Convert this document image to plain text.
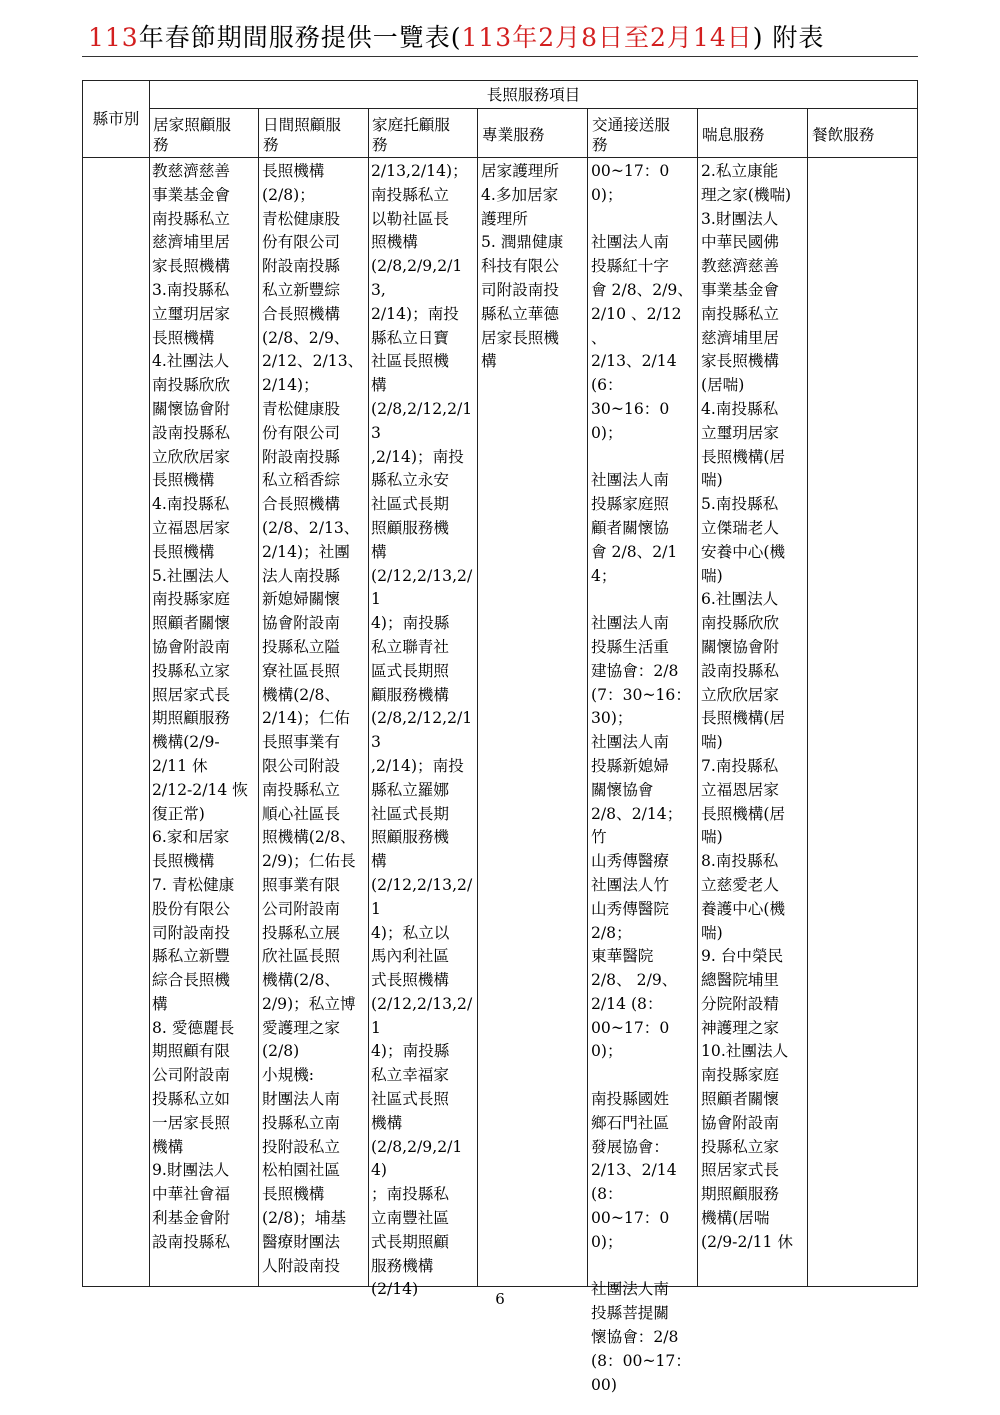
113年春節期間服務提供一覽表(113年2月8日至2月14日) 附表
長照服務項目
縣市別 居家照顧服
務
日間照顧服
務
家庭托顧服
務
專業服務
交通接送服
務
喘息服務	餐飲服務
教慈濟慈善
事業基金會
南投縣私立
慈濟埔里居
家長照機構
3.南投縣私
立璽玥居家
長照機構
4.社團法人
南投縣欣欣
關懷協會附
設南投縣私
立欣欣居家
長照機構
4.南投縣私
立福恩居家
長照機構
5.社團法人
南投縣家庭
照顧者關懷
協會附設南
投縣私立家
照居家式長
期照顧服務
機構(2/9-
2/11 休
2/12-2/14 恢
復正常)
6.家和居家
長照機構
7. 青松健康
股份有限公
司附設南投
縣私立新豐
綜合長照機
構
8. 愛德麗長
期照顧有限
公司附設南
投縣私立如
一居家長照
機構
9.財團法人
中華社會福
利基金會附
設南投縣私
長照機構
(2/8)；
青松健康股
份有限公司
附設南投縣
私立新豐綜
合長照機構
(2/8、2/9、
2/12、2/13、
2/14)；
青松健康股
份有限公司
附設南投縣
私立稻香綜
合長照機構
(2/8、2/13、
2/14)；社團
法人南投縣
新媳婦關懷
協會附設南
投縣私立隘
寮社區長照
機構(2/8、
2/14)；仁佑
長照事業有
限公司附設
南投縣私立
順心社區長
照機構(2/8、
2/9)；仁佑長
照事業有限
公司附設南
投縣私立展
欣社區長照
機構(2/8、
2/9)；私立博
愛護理之家
(2/8)
小規機:
財團法人南
投縣私立南
投附設私立
松柏園社區
長照機構
(2/8)；埔基
醫療財團法
人附設南投
2/13,2/14)；
南投縣私立
以勒社區長
照機構
(2/8,2/9,2/13,
2/14)；南投
縣私立日寶
社區長照機
構
(2/8,2/12,2/13
,2/14)；南投
縣私立永安
社區式長期
照顧服務機
構
(2/12,2/13,2/1
4)；南投縣
私立聯青社
區式長期照
顧服務機構
(2/8,2/12,2/13
,2/14)；南投
縣私立羅娜
社區式長期
照顧服務機
構
(2/12,2/13,2/1
4)；私立以
馬內利社區
式長照機構
(2/12,2/13,2/1
4)；南投縣
私立幸福家
社區式長照
機構
(2/8,2/9,2/14)
；南投縣私
立南豐社區
式長期照顧
服務機構
(2/14)
居家護理所
4.多加居家
護理所
5. 潤鼎健康
科技有限公
司附設南投
縣私立華德
居家長照機
構
00~17：00)；

社團法人南
投縣紅十字
會 2/8、2/9、
2/10 、2/12 、
2/13、2/14(6：
30~16：00)；

社團法人南
投縣家庭照
顧者關懷協
會 2/8、2/14；

社團法人南
投縣生活重
建協會：2/8
(7：30~16：
30)；
社團法人南
投縣新媳婦
關懷協會
2/8、2/14；竹
山秀傳醫療
社團法人竹
山秀傳醫院
2/8；
東華醫院
2/8、 2/9、
2/14 (8：
00~17：00)；

南投縣國姓
鄉石門社區
發展協會：
2/13、2/14(8：
00~17：00)；

社團法人南
投縣菩提關
懷協會：2/8
(8：00~17：
00)
2.私立康能
理之家(機喘)
3.財團法人
中華民國佛
教慈濟慈善
事業基金會
南投縣私立
慈濟埔里居
家長照機構
(居喘)
4.南投縣私
立璽玥居家
長照機構(居
喘)
5.南投縣私
立傑瑞老人
安養中心(機
喘)
6.社團法人
南投縣欣欣
關懷協會附
設南投縣私
立欣欣居家
長照機構(居
喘)
7.南投縣私
立福恩居家
長照機構(居
喘)
8.南投縣私
立慈愛老人
養護中心(機
喘)
9. 台中榮民
總醫院埔里
分院附設精
神護理之家
10.社團法人
南投縣家庭
照顧者關懷
協會附設南
投縣私立家
照居家式長
期照顧服務
機構(居喘
(2/9-2/11 休
6
